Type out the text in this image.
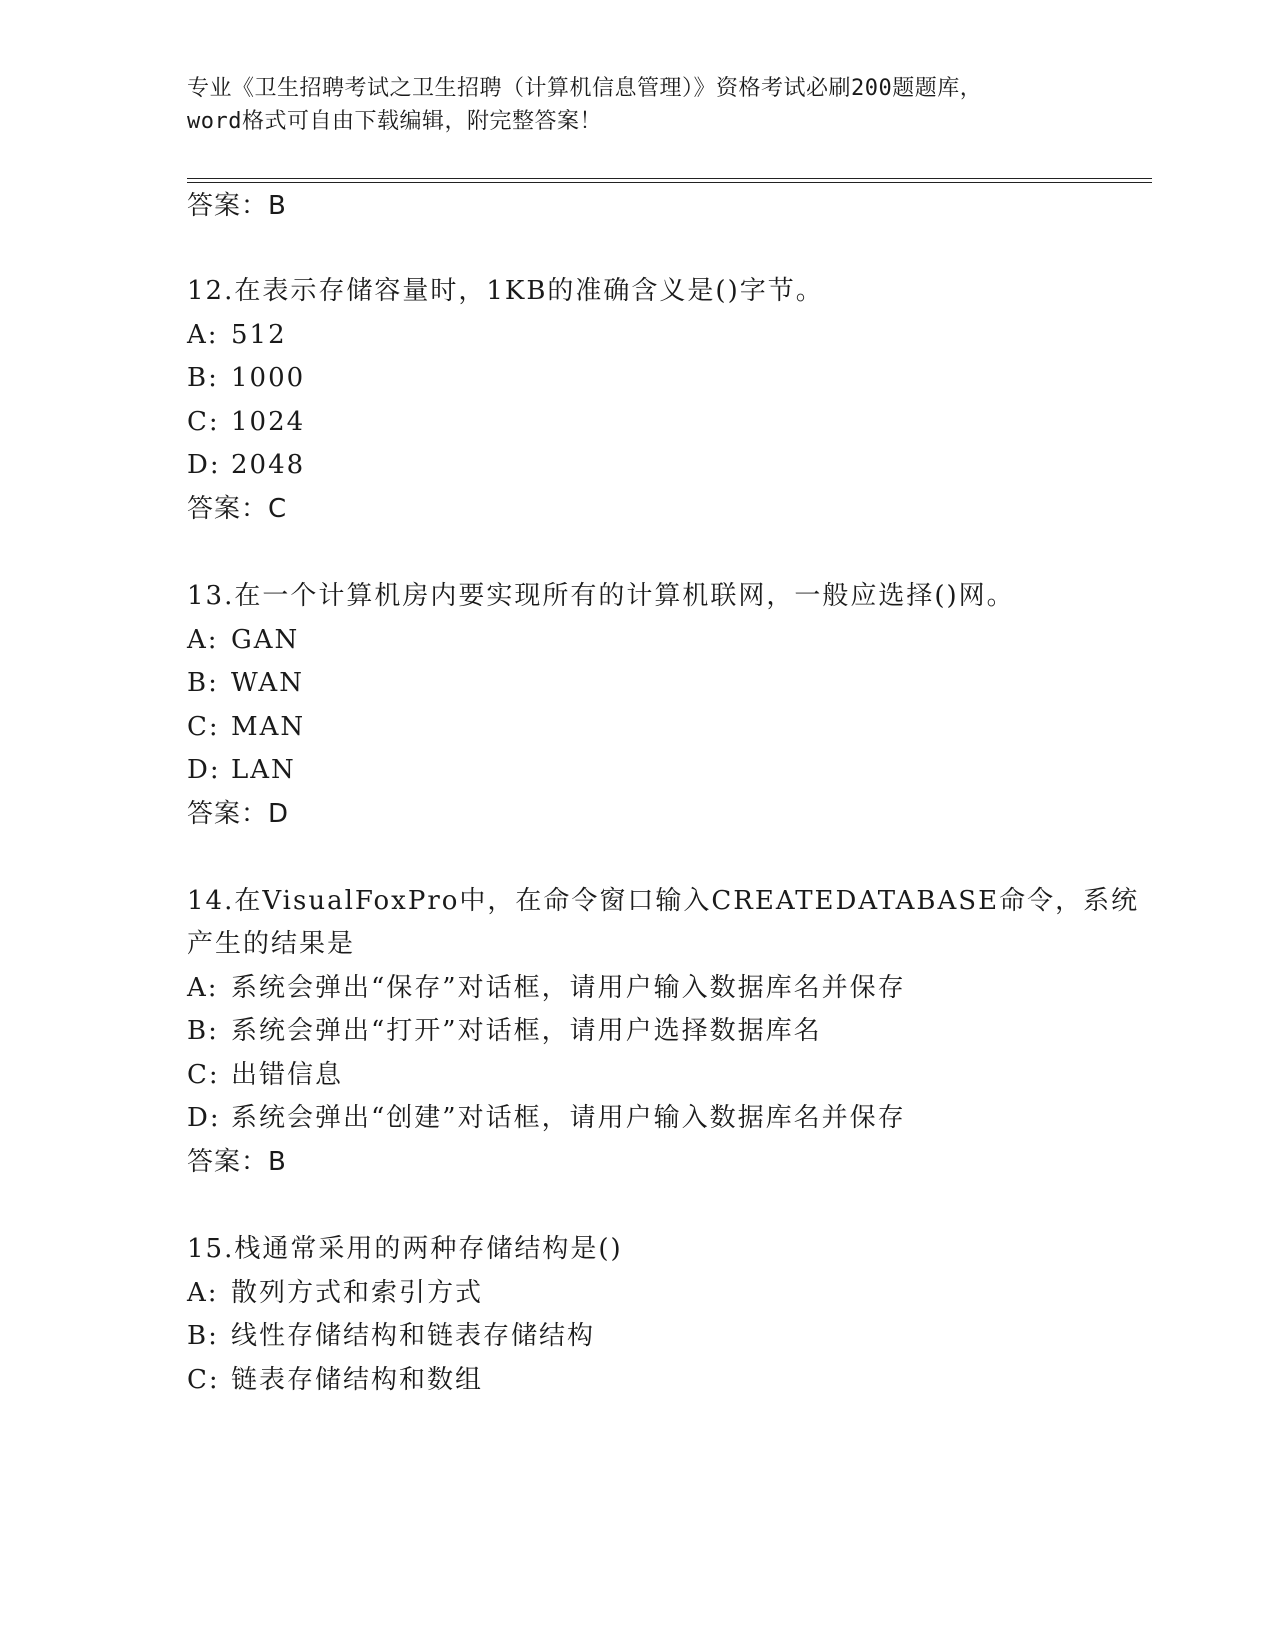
专业《卫生招聘考试之卫生招聘（计算机信息管理）》资格考试必刷200题题库，
word格式可自由下载编辑，附完整答案！
答案：B
12.在表示存储容量时，1KB的准确含义是()字节。
A: 512
B: 1000
C: 1024
D: 2048
答案：C
13.在一个计算机房内要实现所有的计算机联网，一般应选择()网。
A: GAN
B: WAN
C: MAN
D: LAN
答案：D
14.在VisualFoxPro中，在命令窗口输入CREATEDATABASE命令，系统
产生的结果是
A: 系统会弹出“保存”对话框，请用户输入数据库名并保存
B: 系统会弹出“打开”对话框，请用户选择数据库名
C: 出错信息
D: 系统会弹出“创建”对话框，请用户输入数据库名并保存
答案：B
15.栈通常采用的两种存储结构是()
A: 散列方式和索引方式
B: 线性存储结构和链表存储结构
C: 链表存储结构和数组
